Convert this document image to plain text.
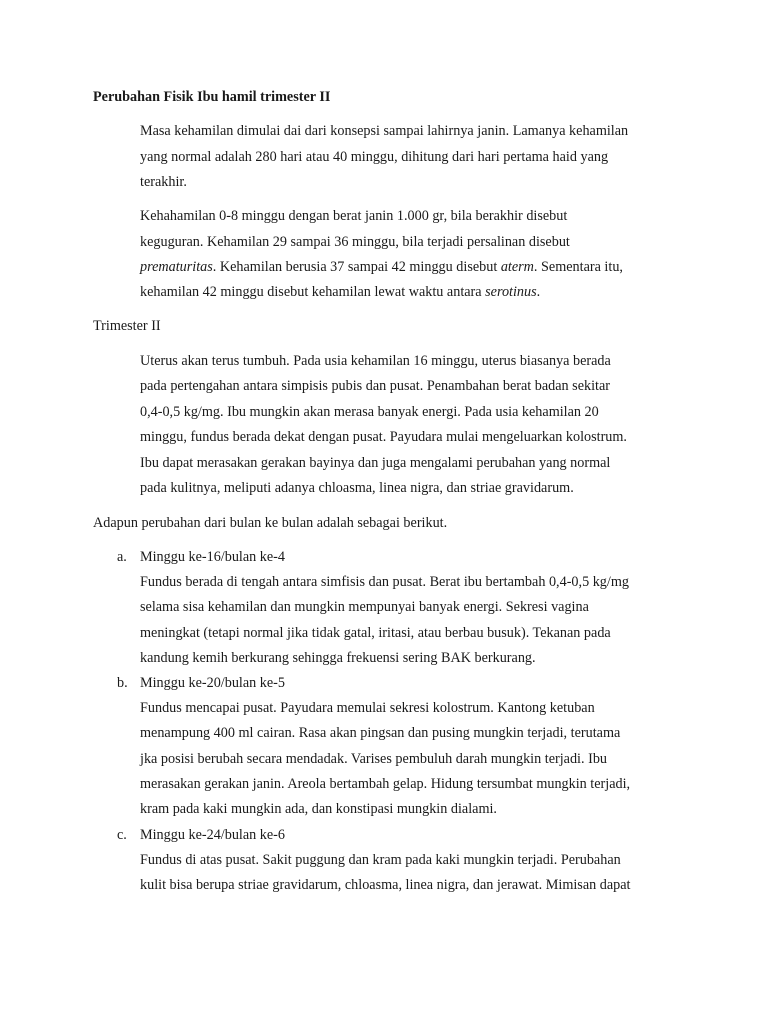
Perubahan Fisik Ibu hamil trimester II
Masa kehamilan dimulai dai dari konsepsi sampai lahirnya janin. Lamanya kehamilan
yang normal adalah 280 hari atau 40 minggu, dihitung dari hari pertama haid yang
terakhir.
Kehahamilan 0-8 minggu dengan berat janin 1.000 gr, bila berakhir disebut
keguguran. Kehamilan 29 sampai 36 minggu, bila terjadi persalinan disebut
prematuritas. Kehamilan berusia 37 sampai 42 minggu disebut aterm. Sementara itu,
kehamilan 42 minggu disebut kehamilan lewat waktu antara serotinus.
Trimester II
Uterus akan terus tumbuh. Pada usia kehamilan 16 minggu, uterus biasanya berada
pada pertengahan antara simpisis pubis dan pusat. Penambahan berat badan sekitar
0,4-0,5 kg/mg. Ibu mungkin akan merasa banyak energi. Pada usia kehamilan 20
minggu, fundus berada dekat dengan pusat. Payudara mulai mengeluarkan kolostrum.
Ibu dapat merasakan gerakan bayinya dan juga mengalami perubahan yang normal
pada kulitnya, meliputi adanya chloasma, linea nigra, dan striae gravidarum.
Adapun perubahan dari bulan ke bulan adalah sebagai berikut.
a. Minggu ke-16/bulan ke-4
Fundus berada di tengah antara simfisis dan pusat. Berat ibu bertambah 0,4-0,5 kg/mg
selama sisa kehamilan dan mungkin mempunyai banyak energi. Sekresi vagina
meningkat (tetapi normal jika tidak gatal, iritasi, atau berbau busuk). Tekanan pada
kandung kemih berkurang sehingga frekuensi sering BAK berkurang.
b. Minggu ke-20/bulan ke-5
Fundus mencapai pusat. Payudara memulai sekresi kolostrum. Kantong ketuban
menampung 400 ml cairan. Rasa akan pingsan dan pusing mungkin terjadi, terutama
jka posisi berubah secara mendadak. Varises pembuluh darah mungkin terjadi. Ibu
merasakan gerakan janin. Areola bertambah gelap. Hidung tersumbat mungkin terjadi,
kram pada kaki mungkin ada, dan konstipasi mungkin dialami.
c. Minggu ke-24/bulan ke-6
Fundus di atas pusat. Sakit puggung dan kram pada kaki mungkin terjadi. Perubahan
kulit bisa berupa striae gravidarum, chloasma, linea nigra, dan jerawat. Mimisan dapat
